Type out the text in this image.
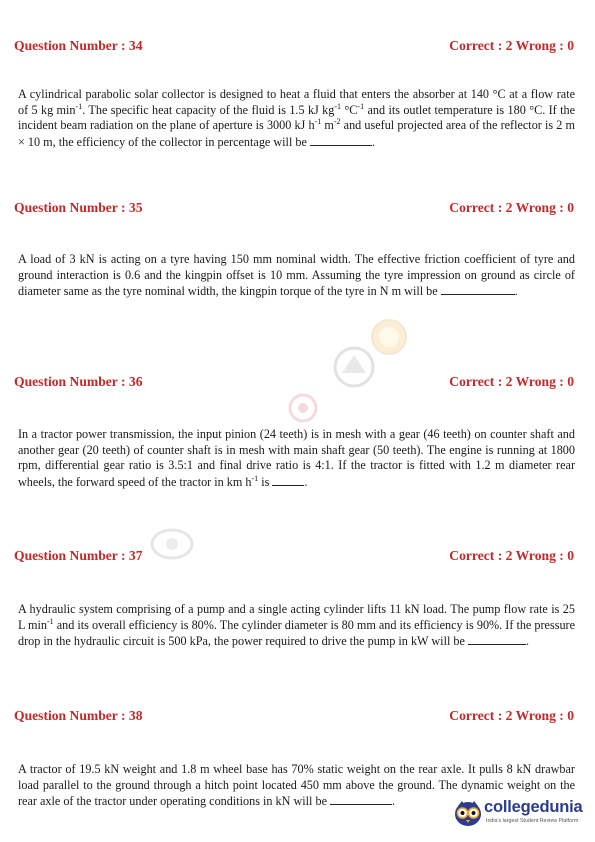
Question Number : 34	Correct : 2 Wrong : 0
A cylindrical parabolic solar collector is designed to heat a fluid that enters the absorber at 140 °C at a flow rate of 5 kg $\min^{-1}$. The specific heat capacity of the fluid is 1.5 kJ $kg^{-1}$ $^\circ C^{-1}$ and its outlet temperature is 180 °C. If the incident beam radiation on the plane of aperture is 3000 kJ $h^{-1}$ $m^{-2}$ and useful projected area of the reflector is 2 m × 10 m, the efficiency of the collector in percentage will be	.
Question Number : 35	Correct : 2 Wrong : 0
A load of 3 kN is acting on a tyre having 150 mm nominal width. The effective friction coefficient of tyre and ground interaction is 0.6 and the kingpin offset is 10 mm. Assuming the tyre impression on ground as circle of diameter same as the tyre nominal width, the kingpin torque of the tyre in N m will be	.
Question Number : 36	Correct : 2 Wrong : 0
In a tractor power transmission, the input pinion (24 teeth) is in mesh with a gear (46 teeth) on counter shaft and another gear (20 teeth) of counter shaft is in mesh with main shaft gear (50 teeth). The engine is running at 1800 rpm, differential gear ratio is 3.5:1 and final drive ratio is 4:1. If the tractor is fitted with 1.2 m diameter rear wheels, the forward speed of the tractor in km $h^{-1}$ is	.
Question Number : 37	Correct : 2 Wrong : 0
A hydraulic system comprising of a pump and a single acting cylinder lifts 11 kN load. The pump flow rate is 25 L $\min^{-1}$ and its overall efficiency is 80%. The cylinder diameter is 80 mm and its efficiency is 90%. If the pressure drop in the hydraulic circuit is 500 kPa, the power required to drive the pump in kW will be	.
Question Number : 38	Correct : 2 Wrong : 0
A tractor of 19.5 kN weight and 1.8 m wheel base has 70% static weight on the rear axle. It pulls 8 kN drawbar load parallel to the ground through a hitch point located 450 mm above the ground. The dynamic weight on the rear axle of the tractor under operating conditions in kN will be	.	collegedunia
India's largest Student Review Platform
